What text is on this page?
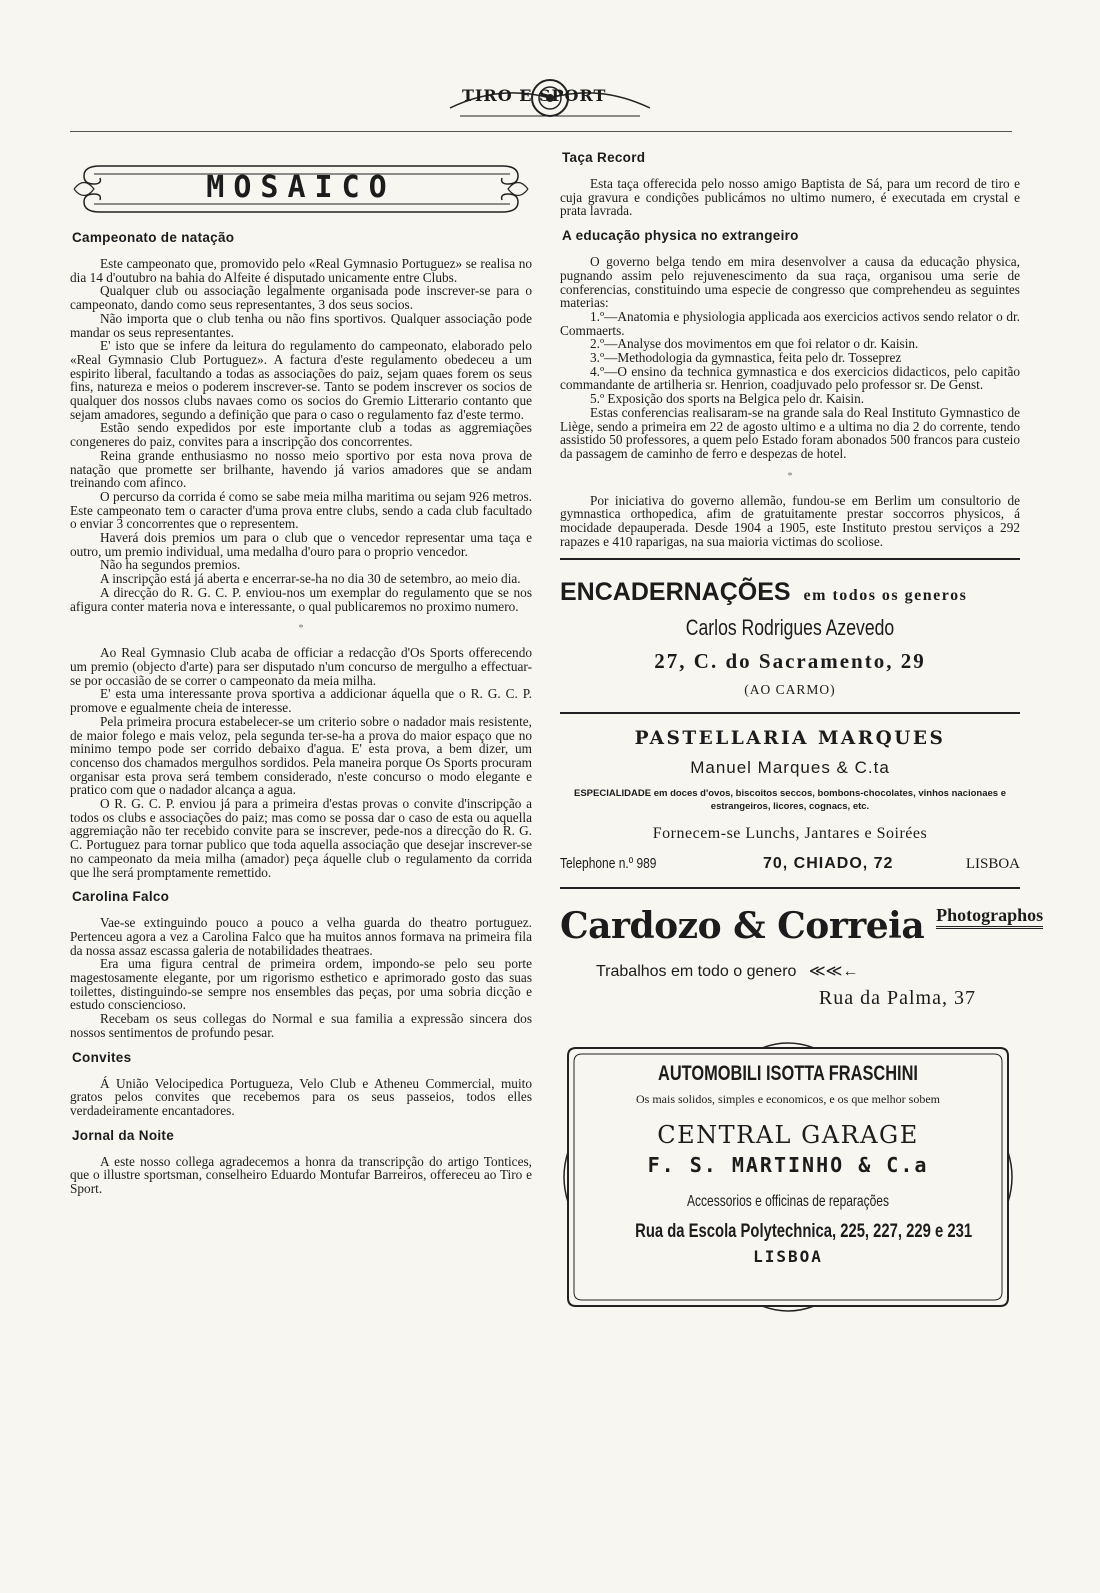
TIRO E SPORT
MOSAICO
Campeonato de natação

Este campeonato que, promovido pelo «Real Gymnasio Portuguez» se realisa no dia 14 d'outubro na bahia do Alfeite é disputado unicamente entre Clubs.

Qualquer club ou associação legalmente organisada pode inscrever-se para o campeonato, dando como seus representantes, 3 dos seus socios.

Não importa que o club tenha ou não fins sportivos. Qualquer associação pode mandar os seus representantes.

E' isto que se infere da leitura do regulamento do campeonato, elaborado pelo «Real Gymnasio Club Portuguez». A factura d'este regulamento obedeceu a um espirito liberal, facultando a todas as associações do paiz, sejam quaes forem os seus fins, natureza e meios o poderem inscrever-se. Tanto se podem inscrever os socios de qualquer dos nossos clubs navaes como os socios do Gremio Litterario contanto que sejam amadores, segundo a definição que para o caso o regulamento faz d'este termo.

Estão sendo expedidos por este importante club a todas as aggremiações congeneres do paiz, convites para a inscripção dos concorrentes.

Reina grande enthusiasmo no nosso meio sportivo por esta nova prova de natação que promette ser brilhante, havendo já varios amadores que se andam treinando com afinco.

O percurso da corrida é como se sabe meia milha maritima ou sejam 926 metros. Este campeonato tem o caracter d'uma prova entre clubs, sendo a cada club facultado o enviar 3 concorrentes que o representem.

Haverá dois premios um para o club que o vencedor representar uma taça e outro, um premio individual, uma medalha d'ouro para o proprio vencedor.

Não ha segundos premios.

A inscripção está já aberta e encerrar-se-ha no dia 30 de setembro, ao meio dia.

A direcção do R. G. C. P. enviou-nos um exemplar do regulamento que se nos afigura conter materia nova e interessante, o qual publicaremos no proximo numero.

*

Ao Real Gymnasio Club acaba de officiar a redacção d'Os Sports offerecendo um premio (objecto d'arte) para ser disputado n'um concurso de mergulho a effectuar-se por occasião de se correr o campeonato da meia milha.

E' esta uma interessante prova sportiva a addicionar áquella que o R. G. C. P. promove e egualmente cheia de interesse.

Pela primeira procura estabelecer-se um criterio sobre o nadador mais resistente, de maior folego e mais veloz, pela segunda ter-se-ha a prova do maior espaço que no minimo tempo pode ser corrido debaixo d'agua. E' esta prova, a bem dizer, um concenso dos chamados mergulhos sordidos. Pela maneira porque Os Sports procuram organisar esta prova será tembem considerado, n'este concurso o modo elegante e pratico com que o nadador alcança a agua.

O R. G. C. P. enviou já para a primeira d'estas provas o convite d'inscripção a todos os clubs e associações do paiz; mas como se possa dar o caso de esta ou aquella aggremiação não ter recebido convite para se inscrever, pede-nos a direcção do R. G. C. Portuguez para tornar publico que toda aquella associação que desejar inscrever-se no campeonato da meia milha (amador) peça áquelle club o regulamento da corrida que lhe será promptamente remettido.

Carolina Falco

Vae-se extinguindo pouco a pouco a velha guarda do theatro portuguez. Pertenceu agora a vez a Carolina Falco que ha muitos annos formava na primeira fila da nossa assaz escassa galeria de notabilidades theatraes.

Era uma figura central de primeira ordem, impondo-se pelo seu porte magestosamente elegante, por um rigorismo esthetico e aprimorado gosto das suas toilettes, distinguindo-se sempre nos ensembles das peças, por uma sobria dicção e estudo consciencioso.

Recebam os seus collegas do Normal e sua familia a expressão sincera dos nossos sentimentos de profundo pesar.

Convites

Á União Velocipedica Portugueza, Velo Club e Atheneu Commercial, muito gratos pelos convites que recebemos para os seus passeios, todos elles verdadeiramente encantadores.

Jornal da Noite

A este nosso collega agradecemos a honra da transcripção do artigo Tontices, que o illustre sportsman, conselheiro Eduardo Montufar Barreiros, offereceu ao Tiro e Sport.

Taça Record

Esta taça offerecida pelo nosso amigo Baptista de Sá, para um record de tiro e cuja gravura e condições publicámos no ultimo numero, é executada em crystal e prata lavrada.

A educação physica no extrangeiro

O governo belga tendo em mira desenvolver a causa da educação physica, pugnando assim pelo rejuvenescimento da sua raça, organisou uma serie de conferencias, constituindo uma especie de congresso que comprehendeu as seguintes materias:

1.º—Anatomia e physiologia applicada aos exercicios activos sendo relator o dr. Commaerts.

2.º—Analyse dos movimentos em que foi relator o dr. Kaisin.

3.º—Methodologia da gymnastica, feita pelo dr. Tosseprez

4.º—O ensino da technica gymnastica e dos exercicios didacticos, pelo capitão commandante de artilheria sr. Henrion, coadjuvado pelo professor sr. De Genst.

5.º Exposição dos sports na Belgica pelo dr. Kaisin.

Estas conferencias realisaram-se na grande sala do Real Instituto Gymnastico de Liège, sendo a primeira em 22 de agosto ultimo e a ultima no dia 2 do corrente, tendo assistido 50 professores, a quem pelo Estado foram abonados 500 francos para custeio da passagem de caminho de ferro e despezas de hotel.

*

Por iniciativa do governo allemão, fundou-se em Berlim um consultorio de gymnastica orthopedica, afim de gratuitamente prestar soccorros physicos, á mocidade depauperada. Desde 1904 a 1905, este Instituto prestou serviços a 292 rapazes e 410 raparigas, na sua maioria victimas do scoliose.

ENCADERNAÇÕES em todos os generos
Carlos Rodrigues Azevedo
27, C. do Sacramento, 29
(AO CARMO)
PASTELLARIA MARQUES
Manuel Marques & C.ta
ESPECIALIDADE em doces d'ovos, biscoitos seccos, bombons-chocolates, vinhos nacionaes e estrangeiros, licores, cognacs, etc.
Fornecem-se Lunchs, Jantares e Soirées
Telephone n.º 989	70, CHIADO, 72	LISBOA
Cardozo & Correia Photographos
Trabalhos em todo o genero ≪≪←
Rua da Palma, 37
AUTOMOBILI ISOTTA FRASCHINI
Os mais solidos, simples e economicos, e os que melhor sobem
CENTRAL GARAGE
F. S. MARTINHO & C.a
Accessorios e officinas de reparações
Rua da Escola Polytechnica, 225, 227, 229 e 231
LISBOA
